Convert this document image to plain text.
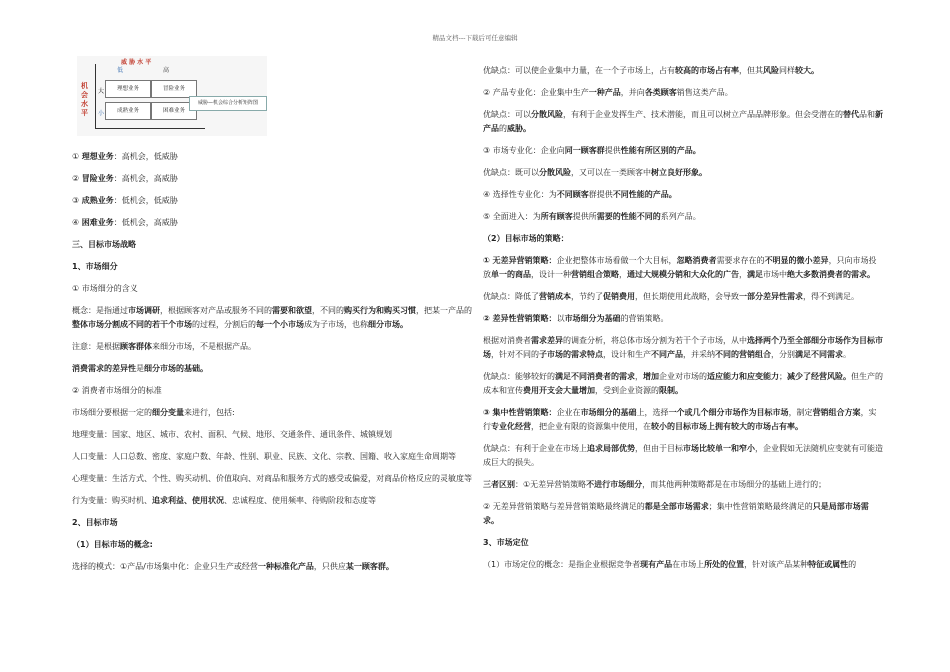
精品文档---下载后可任意编辑
威 胁 水 平
低	高
机
会
水
平
大
小
理想业务	冒险业务
成熟业务	困难业务
威胁—机会综合分析矩阵图

① 理想业务：高机会，低威胁

② 冒险业务：高机会，高威胁

③ 成熟业务：低机会，低威胁

④ 困难业务：低机会，高威胁

三、目标市场战略

1、市场细分

① 市场细分的含义

概念：是指通过市场调研，根据顾客对产品或服务不同的需要和欲望，不同的购买行为和购买习惯，把某一产品的整体市场分割成不同的若干个市场的过程，分割后的每一个小市场成为子市场，也称细分市场。

注意：是根据顾客群体来细分市场，不是根据产品。

消费需求的差异性是细分市场的基础。

② 消费者市场细分的标准

市场细分要根据一定的细分变量来进行，包括:

地理变量：国家、地区、城市、农村、面积、气候、地形、交通条件、通讯条件、城镇规划

人口变量：人口总数、密度、家庭户数、年龄、性别、职业、民族、文化、宗教、国籍、收入家庭生命周期等

心理变量：生活方式、个性、购买动机、价值取向、对商品和服务方式的感受或偏爱，对商品价格反应的灵敏度等

行为变量：购买时机、追求利益、使用状况、忠诚程度、使用频率、待购阶段和态度等

2、目标市场

（1）目标市场的概念:

选择的模式：①产品/市场集中化：企业只生产或经营一种标准化产品，只供应某一顾客群。

优缺点：可以使企业集中力量，在一个子市场上，占有较高的市场占有率，但其风险同样较大。

② 产品专业化：企业集中生产一种产品，并向各类顾客销售这类产品。

优缺点：可以分散风险，有利于企业发挥生产、技术潜能，而且可以树立产品品牌形象。但会受潜在的替代品和新产品的威胁。

③ 市场专业化：企业向同一顾客群提供性能有所区别的产品。

优缺点：既可以分散风险，又可以在一类顾客中树立良好形象。

④ 选择性专业化：为不同顾客群提供不同性能的产品。

⑤ 全面进入：为所有顾客提供所需要的性能不同的系列产品。

（2）目标市场的策略：

① 无差异营销策略：企业把整体市场看做一个大目标，忽略消费者需要求存在的不明显的微小差异，只向市场投放单一的商品，设计一种营销组合策略，通过大规模分销和大众化的广告，满足市场中绝大多数消费者的需求。

优缺点：降低了营销成本，节约了促销费用，但长期使用此战略，会导致一部分差异性需求，得不到满足。

② 差异性营销策略：以市场细分为基础的营销策略。

根据对消费者需求差异的调查分析，将总体市场分割为若干个子市场，从中选择两个乃至全部细分市场作为目标市场，针对不同的子市场的需求特点，设计和生产不同产品，并采纳不同的营销组合，分别满足不同需求。

优缺点：能够较好的满足不同消费者的需求，增加企业对市场的适应能力和应变能力；减少了经营风险。但生产的成本和宣传费用开支会大量增加，受到企业资源的限制。

③ 集中性营销策略：企业在市场细分的基础上，选择一个或几个细分市场作为目标市场，制定营销组合方案，实行专业化经营，把企业有限的资源集中使用，在较小的目标市场上拥有较大的市场占有率。

优缺点：有利于企业在市场上追求局部优势，但由于目标市场比较单一和窄小，企业假如无法随机应变就有可能造成巨大的损失。

三者区别：①无差异营销策略不进行市场细分，而其他两种策略都是在市场细分的基础上进行的；

② 无差异营销策略与差异营销策略最终满足的都是全部市场需求；集中性营销策略最终满足的只是局部市场需求。

3、市场定位

（1）市场定位的概念：是指企业根据竞争者现有产品在市场上所处的位置，针对该产品某种特征或属性的
